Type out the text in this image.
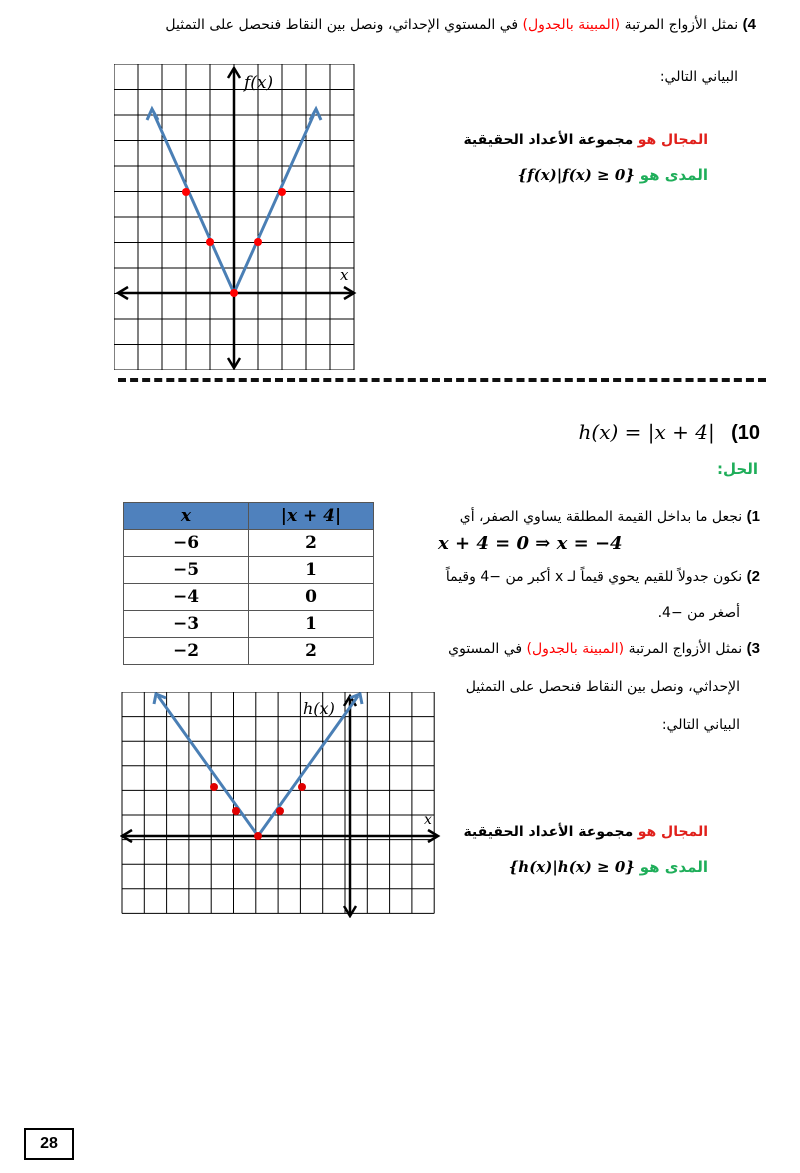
4) نمثل الأزواج المرتبة (المبينة بالجدول) في المستوي الإحداثي، ونصل بين النقاط فنحصل على التمثيل
البياني التالي:
f(x)
x
المجال هو مجموعة الأعداد الحقيقية
{f(x)|f(x) ≥ 0} المدى هو
h(x) = |x + 4| (10
الحل:
1) نجعل ما بداخل القيمة المطلقة يساوي الصفر، أي
x + 4 = 0 ⇒ x = −4
2) نكون جدولاً للقيم يحوي قيماً لـ x أكبر من −4 وقيماً
أصغر من −4.
3) نمثل الأزواج المرتبة (المبينة بالجدول) في المستوي
الإحداثي، ونصل بين النقاط فنحصل على التمثيل
البياني التالي:
x	|x + 4|
−6	2
−5	1
−4	0
−3	1
−2	2
h(x)
x
المجال هو مجموعة الأعداد الحقيقية
{h(x)|h(x) ≥ 0} المدى هو
28
